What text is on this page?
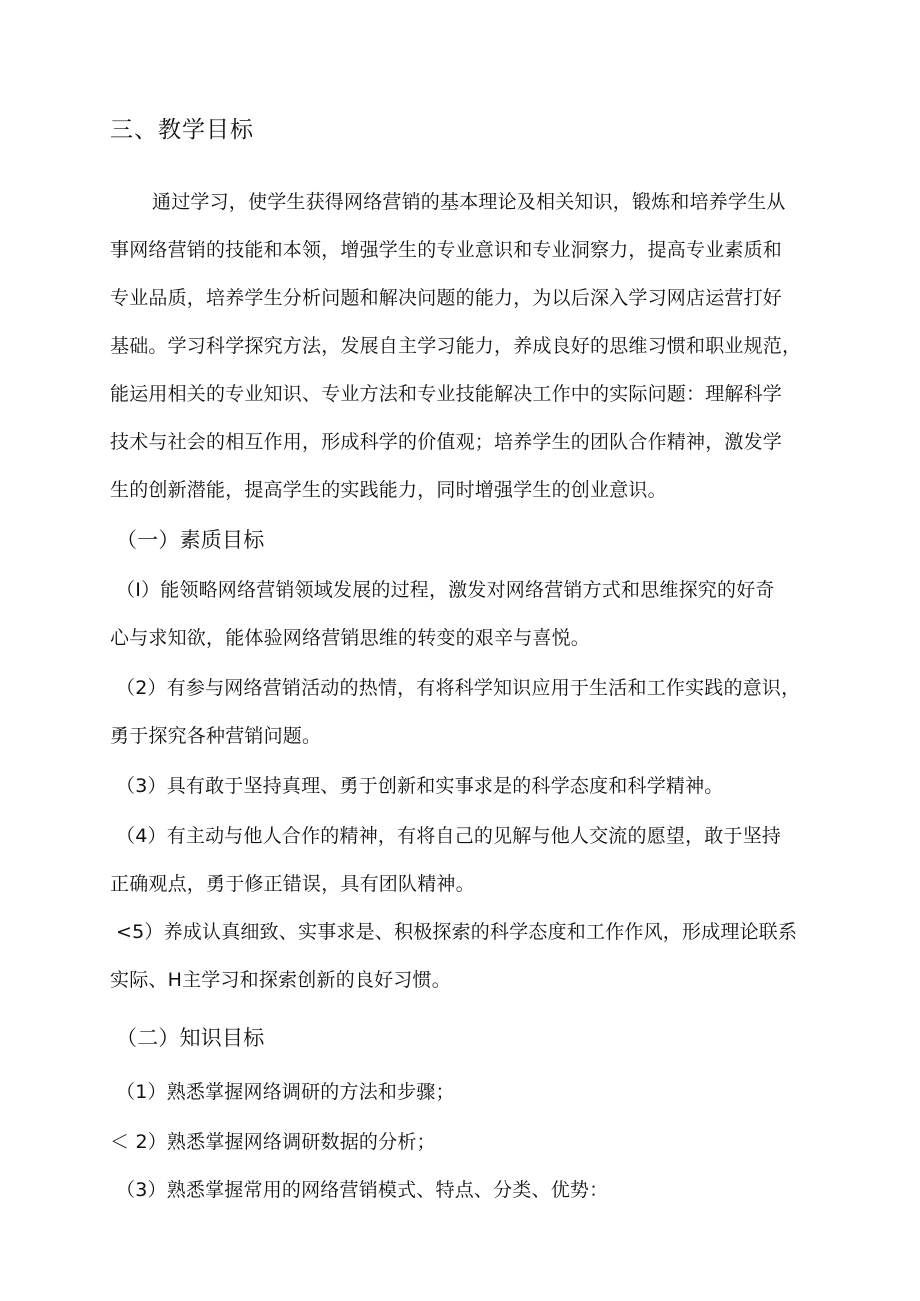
三、教学目标
通过学习，使学生获得网络营销的基本理论及相关知识，锻炼和培养学生从
事网络营销的技能和本领，增强学生的专业意识和专业洞察力，提高专业素质和
专业品质，培养学生分析问题和解决问题的能力，为以后深入学习网店运营打好
基础。学习科学探究方法，发展自主学习能力，养成良好的思维习惯和职业规范，
能运用相关的专业知识、专业方法和专业技能解决工作中的实际问题：理解科学
技术与社会的相互作用，形成科学的价值观；培养学生的团队合作精神，激发学
生的创新潜能，提高学生的实践能力，同时增强学生的创业意识。
（一）素质目标
（I）能领略网络营销领域发展的过程，激发对网络营销方式和思维探究的好奇
心与求知欲，能体验网络营销思维的转变的艰辛与喜悦。
（2）有参与网络营销活动的热情，有将科学知识应用于生活和工作实践的意识，
勇于探究各种营销问题。
（3）具有敢于坚持真理、勇于创新和实事求是的科学态度和科学精神。
（4）有主动与他人合作的精神，有将自己的见解与他人交流的愿望，敢于坚持
正确观点，勇于修正错误，具有团队精神。
<5）养成认真细致、实事求是、积极探索的科学态度和工作作风，形成理论联系
实际、H主学习和探索创新的良好习惯。
（二）知识目标
（1）熟悉掌握网络调研的方法和步骤；
＜ 2）熟悉掌握网络调研数据的分析；
（3）熟悉掌握常用的网络营销模式、特点、分类、优势：
